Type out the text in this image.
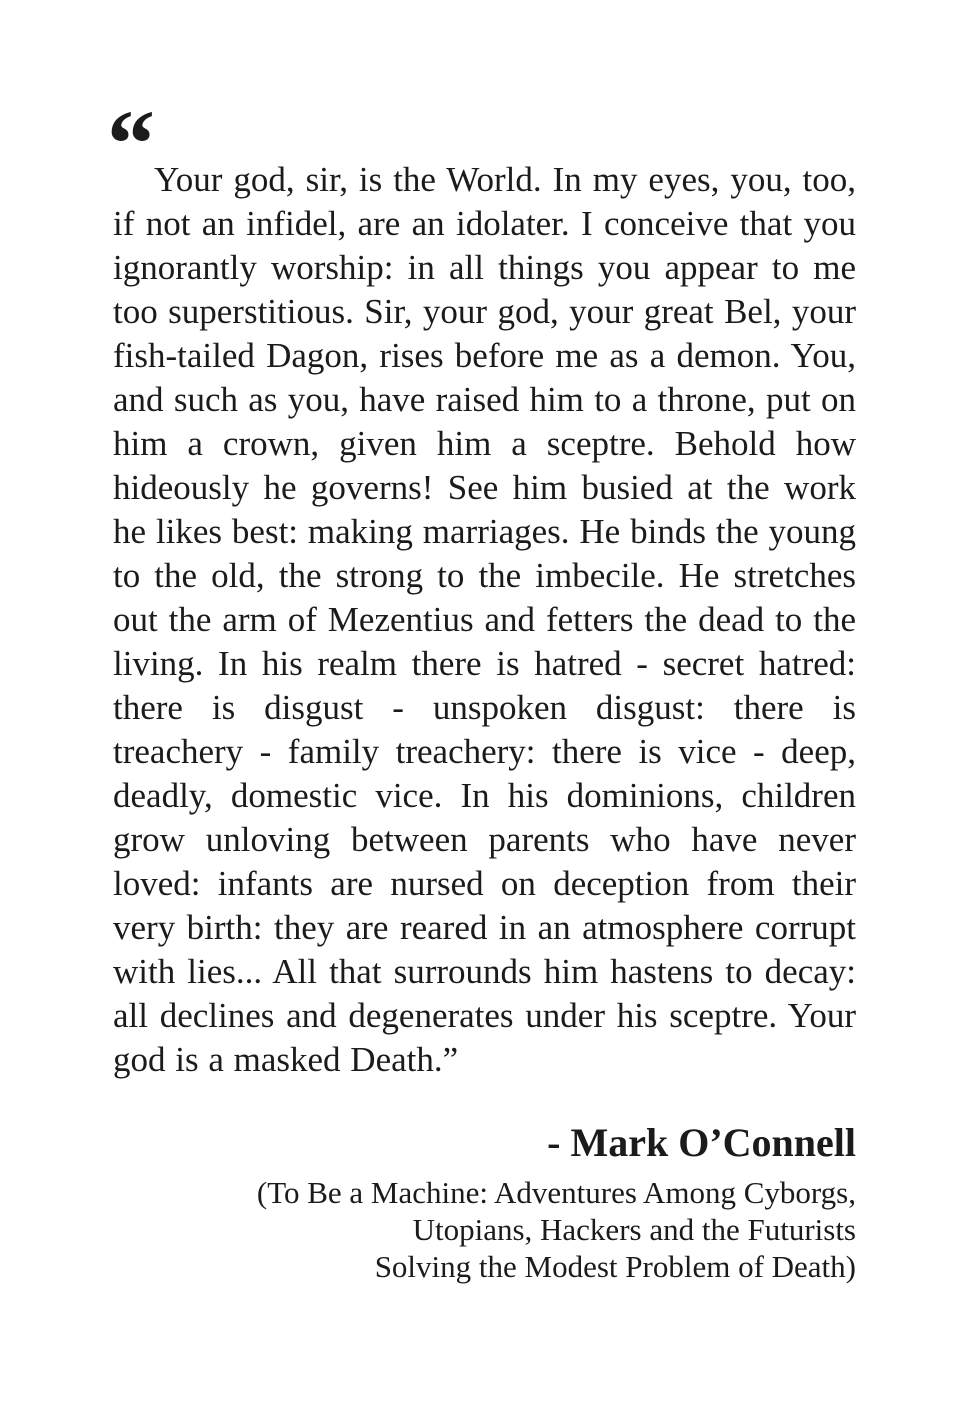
“ Your god, sir, is the World. In my eyes, you, too, if not an infidel, are an idolater. I conceive that you ignorantly worship: in all things you appear to me too superstitious. Sir, your god, your great Bel, your fish-tailed Dagon, rises before me as a demon. You, and such as you, have raised him to a throne, put on him a crown, given him a sceptre. Behold how hideously he governs! See him busied at the work he likes best: making marriages. He binds the young to the old, the strong to the imbecile. He stretches out the arm of Mezentius and fetters the dead to the living. In his realm there is hatred - secret hatred: there is disgust - unspoken disgust: there is treachery - family treachery: there is vice - deep, deadly, domestic vice. In his dominions, children grow unloving between parents who have never loved: infants are nursed on deception from their very birth: they are reared in an atmosphere corrupt with lies... All that surrounds him hastens to decay: all declines and degenerates under his sceptre. Your god is a masked Death.”

- Mark O’Connell
(To Be a Machine: Adventures Among Cyborgs,
Utopians, Hackers and the Futurists
Solving the Modest Problem of Death)
